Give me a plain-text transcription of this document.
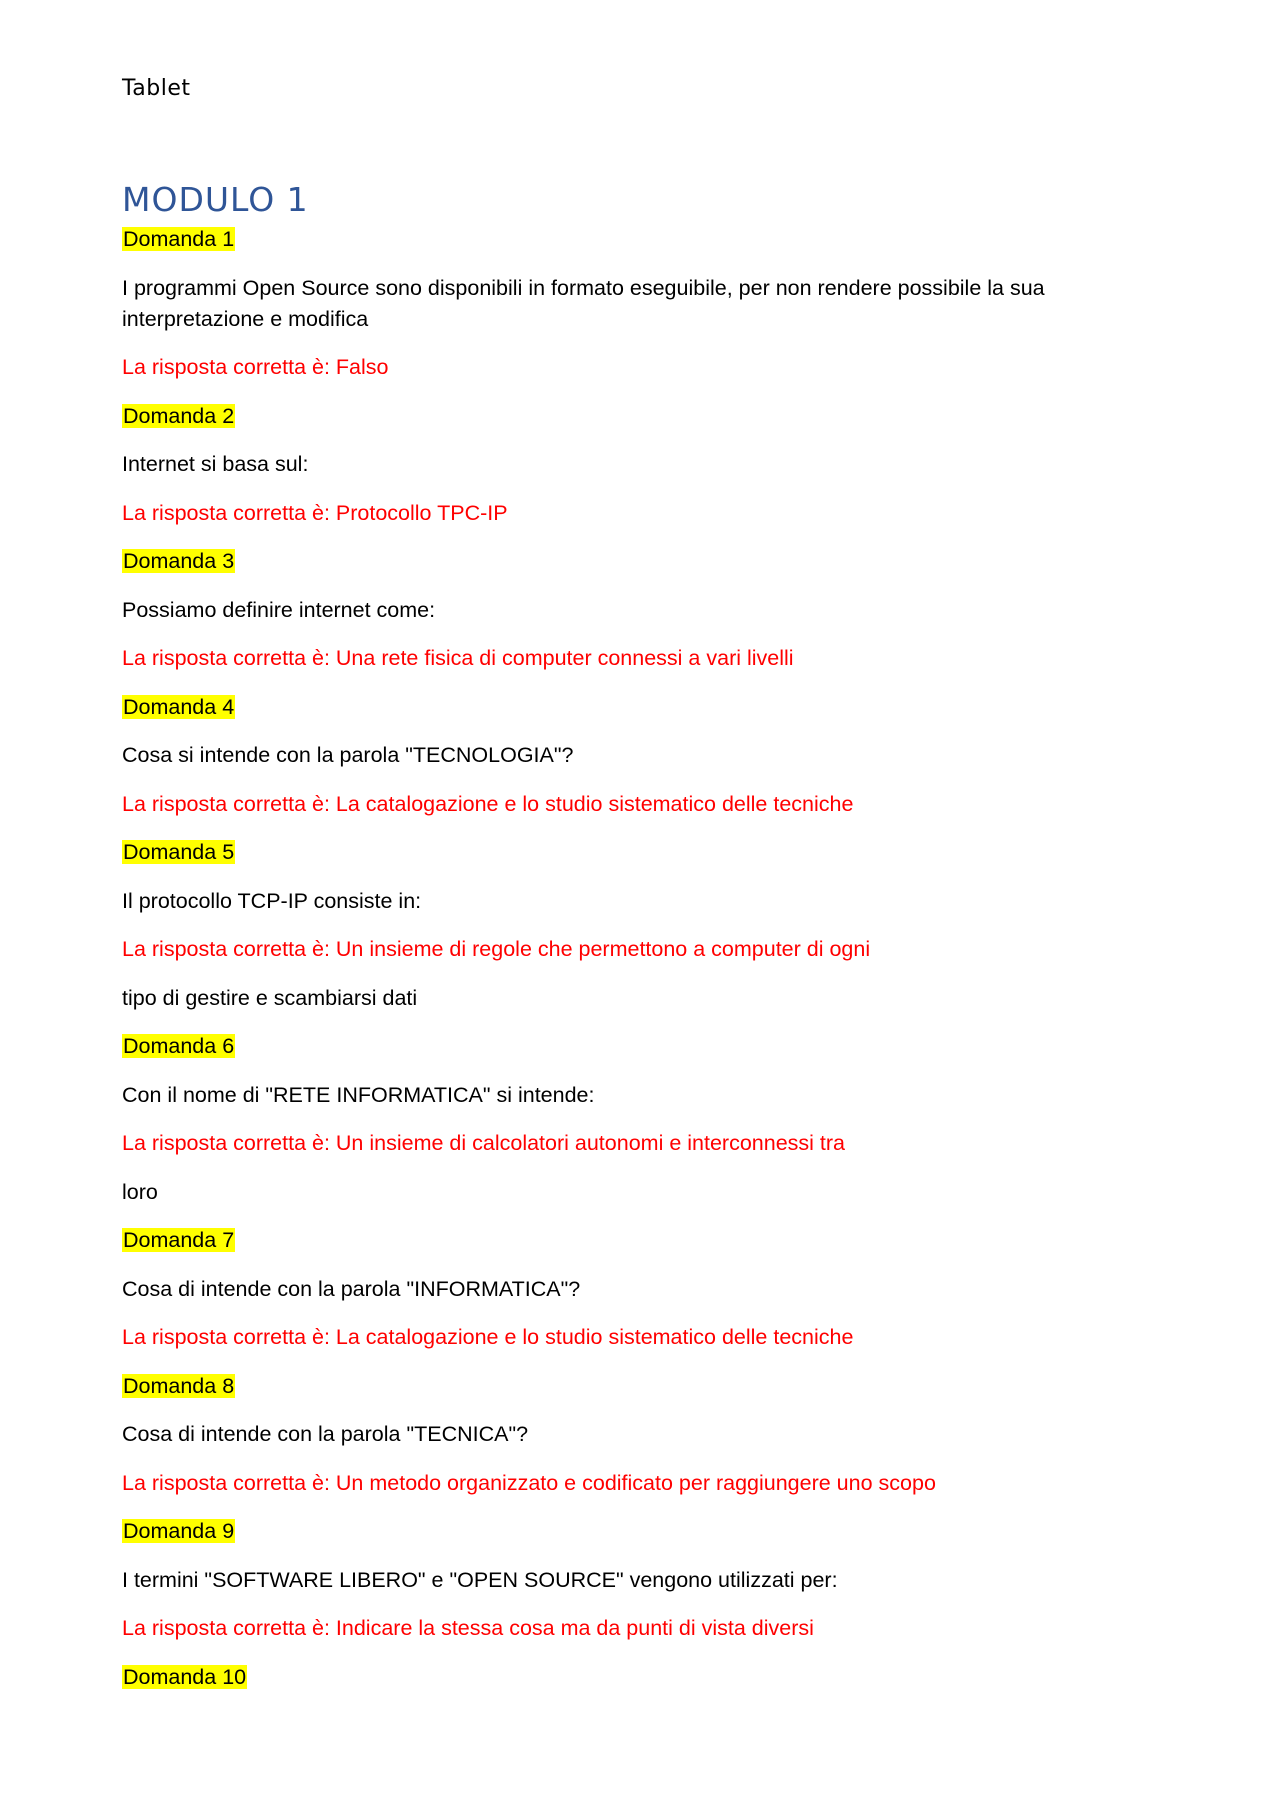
Tablet
MODULO 1

Domanda 1

I programmi Open Source sono disponibili in formato eseguibile, per non rendere possibile la sua interpretazione e modifica

La risposta corretta è: Falso

Domanda 2

Internet si basa sul:

La risposta corretta è: Protocollo TPC-IP

Domanda 3

Possiamo definire internet come:

La risposta corretta è: Una rete fisica di computer connessi a vari livelli

Domanda 4

Cosa si intende con la parola "TECNOLOGIA"?

La risposta corretta è: La catalogazione e lo studio sistematico delle tecniche

Domanda 5

Il protocollo TCP-IP consiste in:

La risposta corretta è: Un insieme di regole che permettono a computer di ogni

tipo di gestire e scambiarsi dati

Domanda 6

Con il nome di "RETE INFORMATICA" si intende:

La risposta corretta è: Un insieme di calcolatori autonomi e interconnessi tra

loro

Domanda 7

Cosa di intende con la parola "INFORMATICA"?

La risposta corretta è: La catalogazione e lo studio sistematico delle tecniche

Domanda 8

Cosa di intende con la parola "TECNICA"?

La risposta corretta è: Un metodo organizzato e codificato per raggiungere uno scopo

Domanda 9

I termini "SOFTWARE LIBERO" e "OPEN SOURCE" vengono utilizzati per:

La risposta corretta è: Indicare la stessa cosa ma da punti di vista diversi

Domanda 10
